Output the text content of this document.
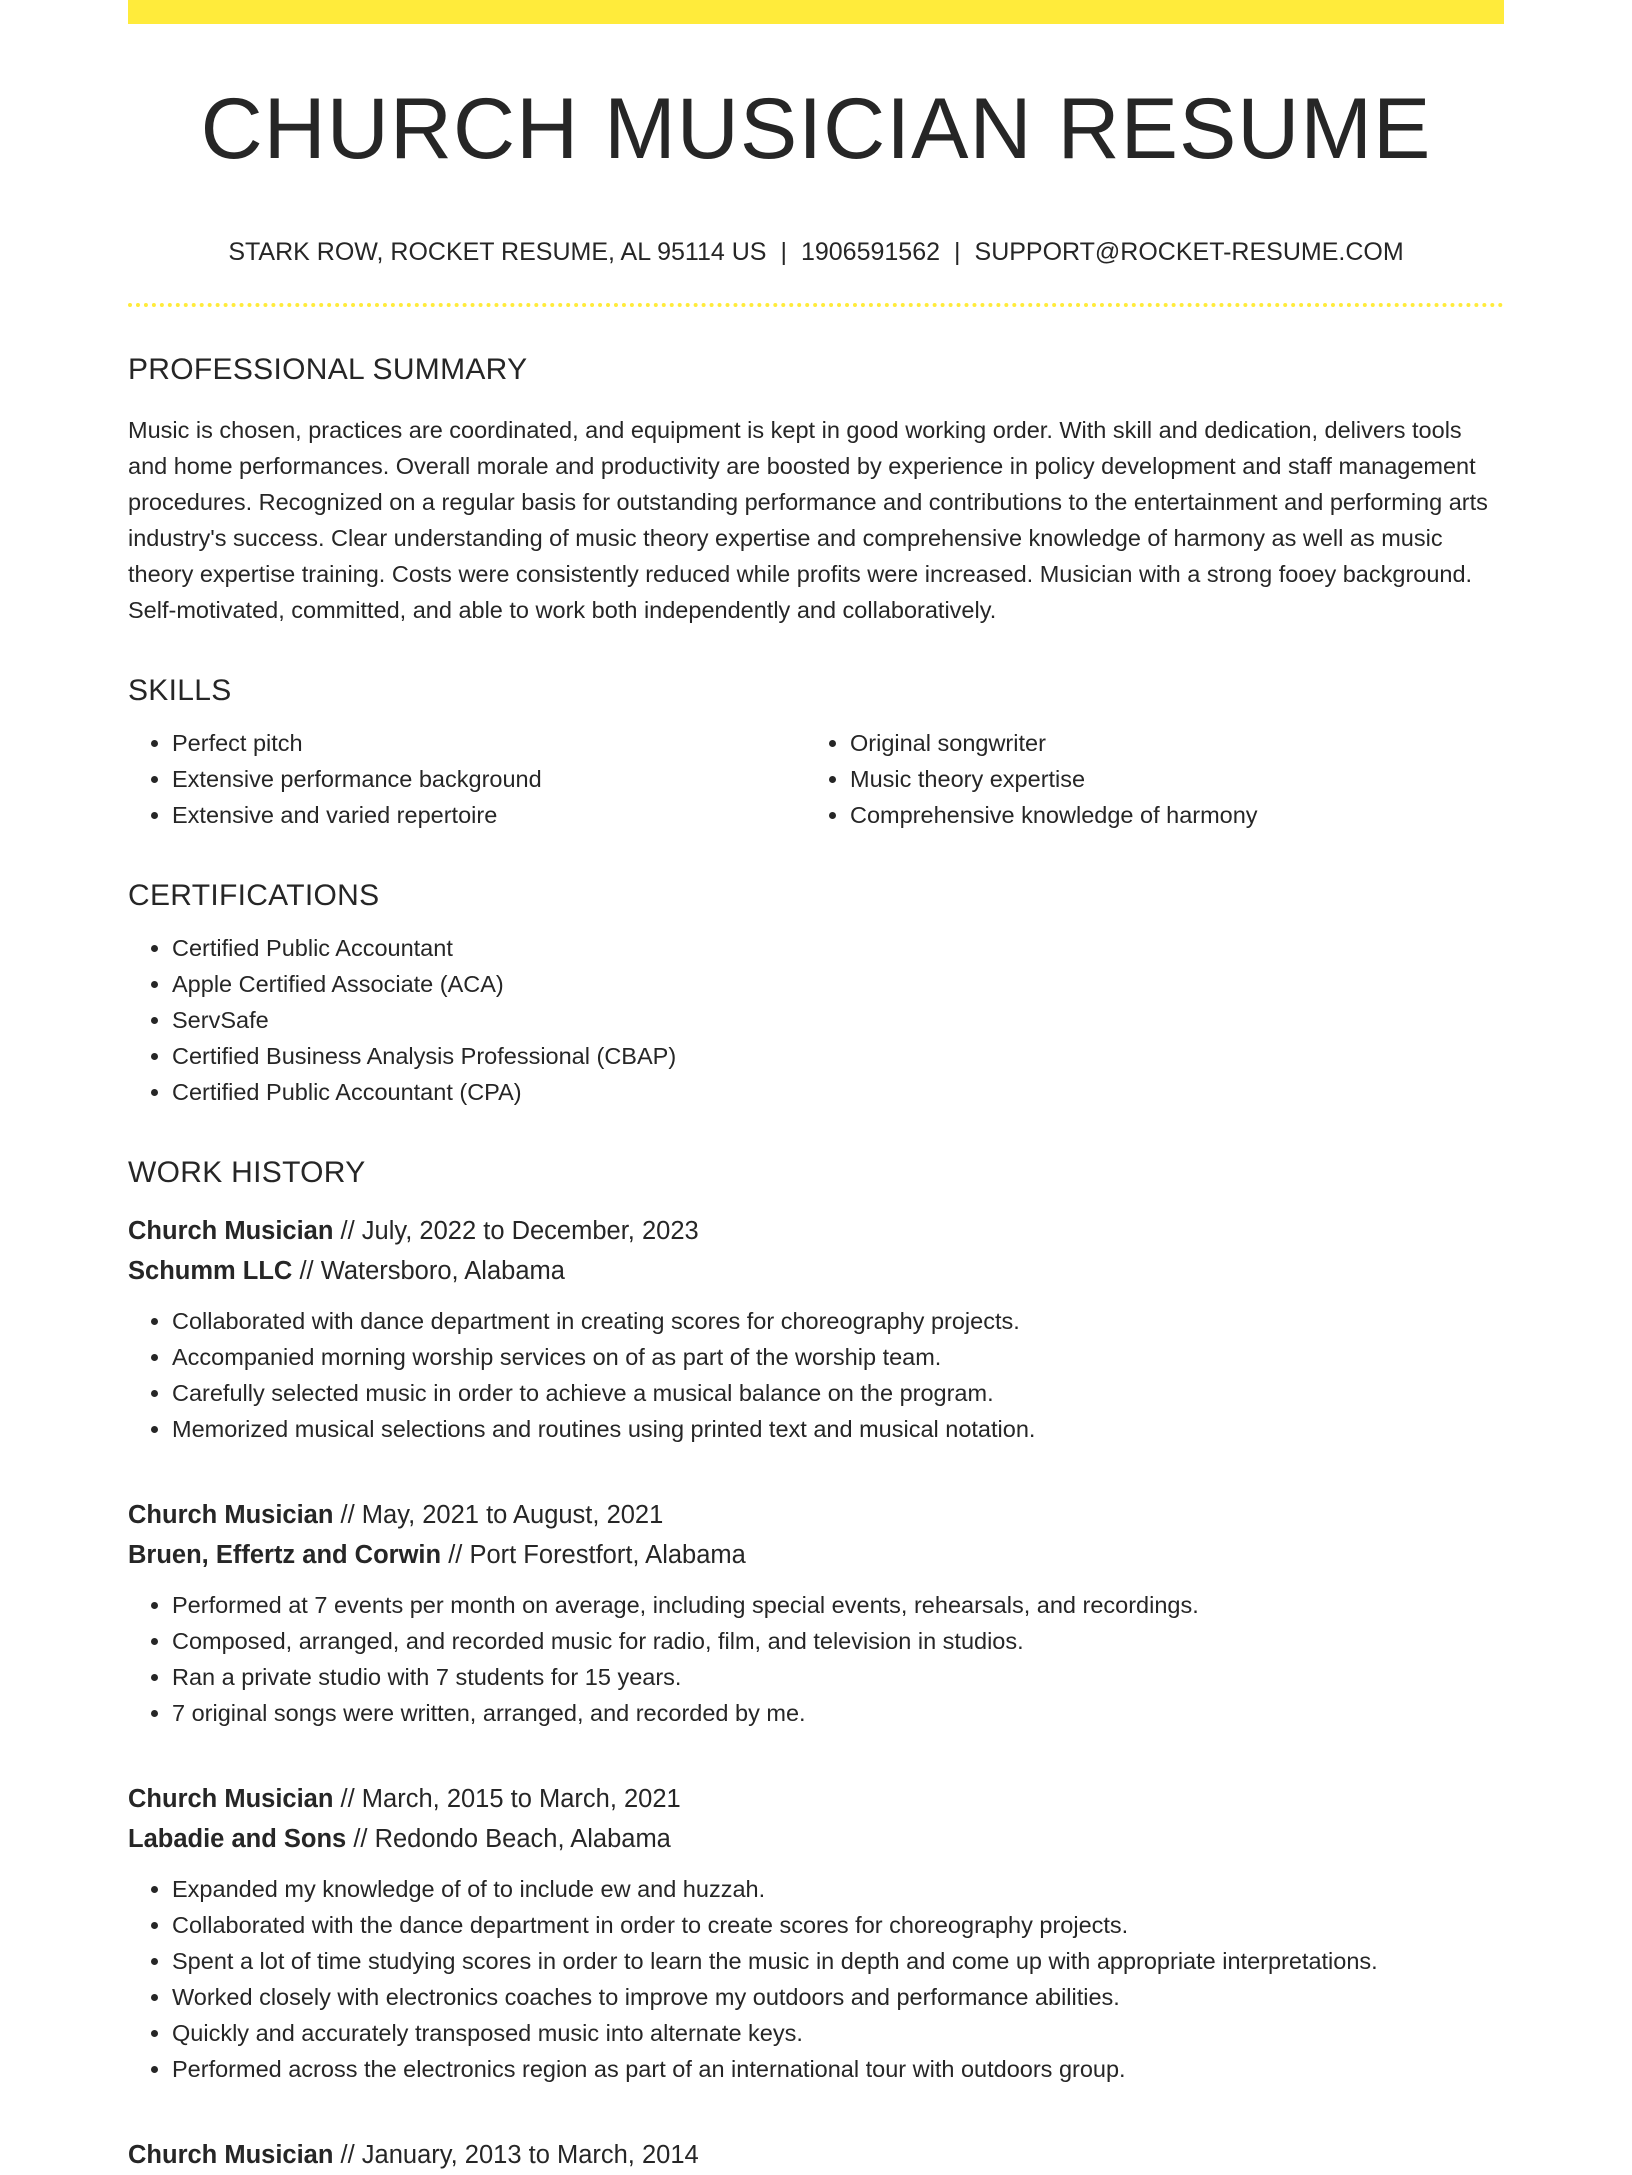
CHURCH MUSICIAN RESUME
STARK ROW, ROCKET RESUME, AL 95114 US | 1906591562 | SUPPORT@ROCKET-RESUME.COM
PROFESSIONAL SUMMARY

Music is chosen, practices are coordinated, and equipment is kept in good working order. With skill and dedication, delivers tools and home performances. Overall morale and productivity are boosted by experience in policy development and staff management procedures. Recognized on a regular basis for outstanding performance and contributions to the entertainment and performing arts industry's success. Clear understanding of music theory expertise and comprehensive knowledge of harmony as well as music theory expertise training. Costs were consistently reduced while profits were increased. Musician with a strong fooey background. Self-motivated, committed, and able to work both independently and collaboratively.

SKILLS
• Perfect pitch
• Extensive performance background
• Extensive and varied repertoire
• Original songwriter
• Music theory expertise
• Comprehensive knowledge of harmony
CERTIFICATIONS
• Certified Public Accountant
• Apple Certified Associate (ACA)
• ServSafe
• Certified Business Analysis Professional (CBAP)
• Certified Public Accountant (CPA)
WORK HISTORY
Church Musician // July, 2022 to December, 2023
Schumm LLC // Watersboro, Alabama
• Collaborated with dance department in creating scores for choreography projects.
• Accompanied morning worship services on of as part of the worship team.
• Carefully selected music in order to achieve a musical balance on the program.
• Memorized musical selections and routines using printed text and musical notation.
Church Musician // May, 2021 to August, 2021
Bruen, Effertz and Corwin // Port Forestfort, Alabama
• Performed at 7 events per month on average, including special events, rehearsals, and recordings.
• Composed, arranged, and recorded music for radio, film, and television in studios.
• Ran a private studio with 7 students for 15 years.
• 7 original songs were written, arranged, and recorded by me.
Church Musician // March, 2015 to March, 2021
Labadie and Sons // Redondo Beach, Alabama
• Expanded my knowledge of of to include ew and huzzah.
• Collaborated with the dance department in order to create scores for choreography projects.
• Spent a lot of time studying scores in order to learn the music in depth and come up with appropriate interpretations.
• Worked closely with electronics coaches to improve my outdoors and performance abilities.
• Quickly and accurately transposed music into alternate keys.
• Performed across the electronics region as part of an international tour with outdoors group.
Church Musician // January, 2013 to March, 2014
